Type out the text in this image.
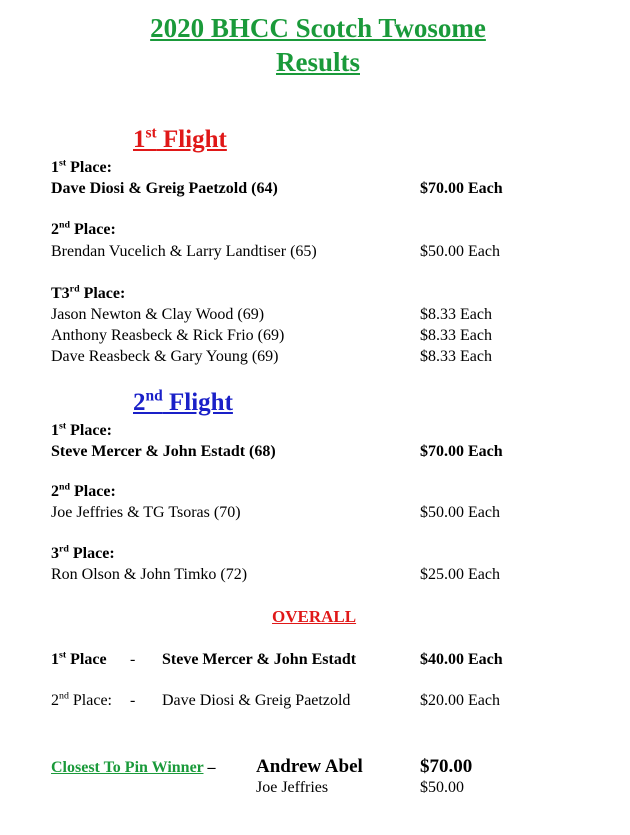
2020 BHCC Scotch Twosome
Results
1st Flight
1st Place:
Dave Diosi & Greig Paetzold (64)	$70.00 Each
2nd Place:
Brendan Vucelich & Larry Landtiser (65)	$50.00 Each
T3rd Place:
Jason Newton & Clay Wood (69)	$8.33 Each
Anthony Reasbeck & Rick Frio (69)	$8.33 Each
Dave Reasbeck & Gary Young (69)	$8.33 Each
2nd Flight
1st Place:
Steve Mercer & John Estadt (68)	$70.00 Each
2nd Place:
Joe Jeffries & TG Tsoras (70)	$50.00 Each
3rd Place:
Ron Olson & John Timko (72)	$25.00 Each
OVERALL
1st Place - Steve Mercer & John Estadt	$40.00 Each
2nd Place: - Dave Diosi & Greig Paetzold	$20.00 Each
Closest To Pin Winner – Andrew Abel	$70.00
Joe Jeffries	$50.00
